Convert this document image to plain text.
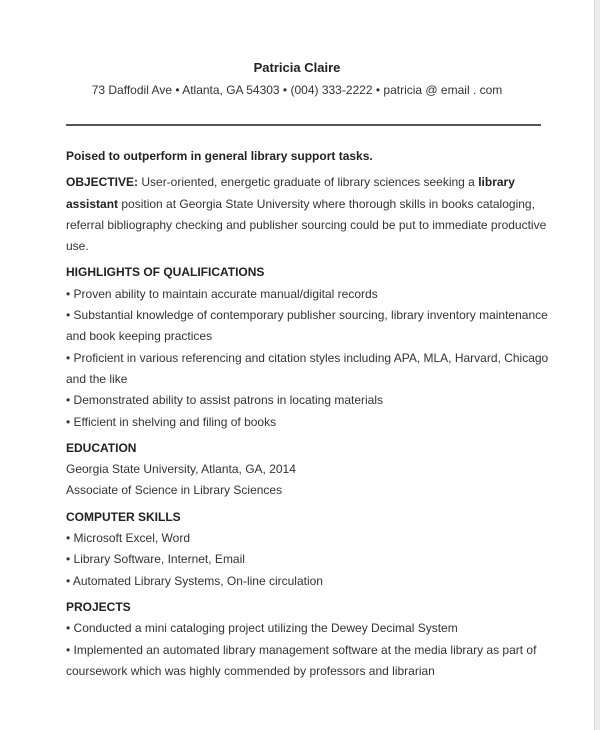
Patricia Claire
73 Daffodil Ave • Atlanta, GA 54303 • (004) 333-2222 • patricia @ email . com
Poised to outperform in general library support tasks.
OBJECTIVE: User-oriented, energetic graduate of library sciences seeking a library assistant position at Georgia State University where thorough skills in books cataloging, referral bibliography checking and publisher sourcing could be put to immediate productive use.
HIGHLIGHTS OF QUALIFICATIONS
• Proven ability to maintain accurate manual/digital records
• Substantial knowledge of contemporary publisher sourcing, library inventory maintenance and book keeping practices
• Proficient in various referencing and citation styles including APA, MLA, Harvard, Chicago and the like
• Demonstrated ability to assist patrons in locating materials
• Efficient in shelving and filing of books
EDUCATION
Georgia State University, Atlanta, GA, 2014
Associate of Science in Library Sciences
COMPUTER SKILLS
• Microsoft Excel, Word
• Library Software, Internet, Email
• Automated Library Systems, On-line circulation
PROJECTS
• Conducted a mini cataloging project utilizing the Dewey Decimal System
• Implemented an automated library management software at the media library as part of coursework which was highly commended by professors and librarian
